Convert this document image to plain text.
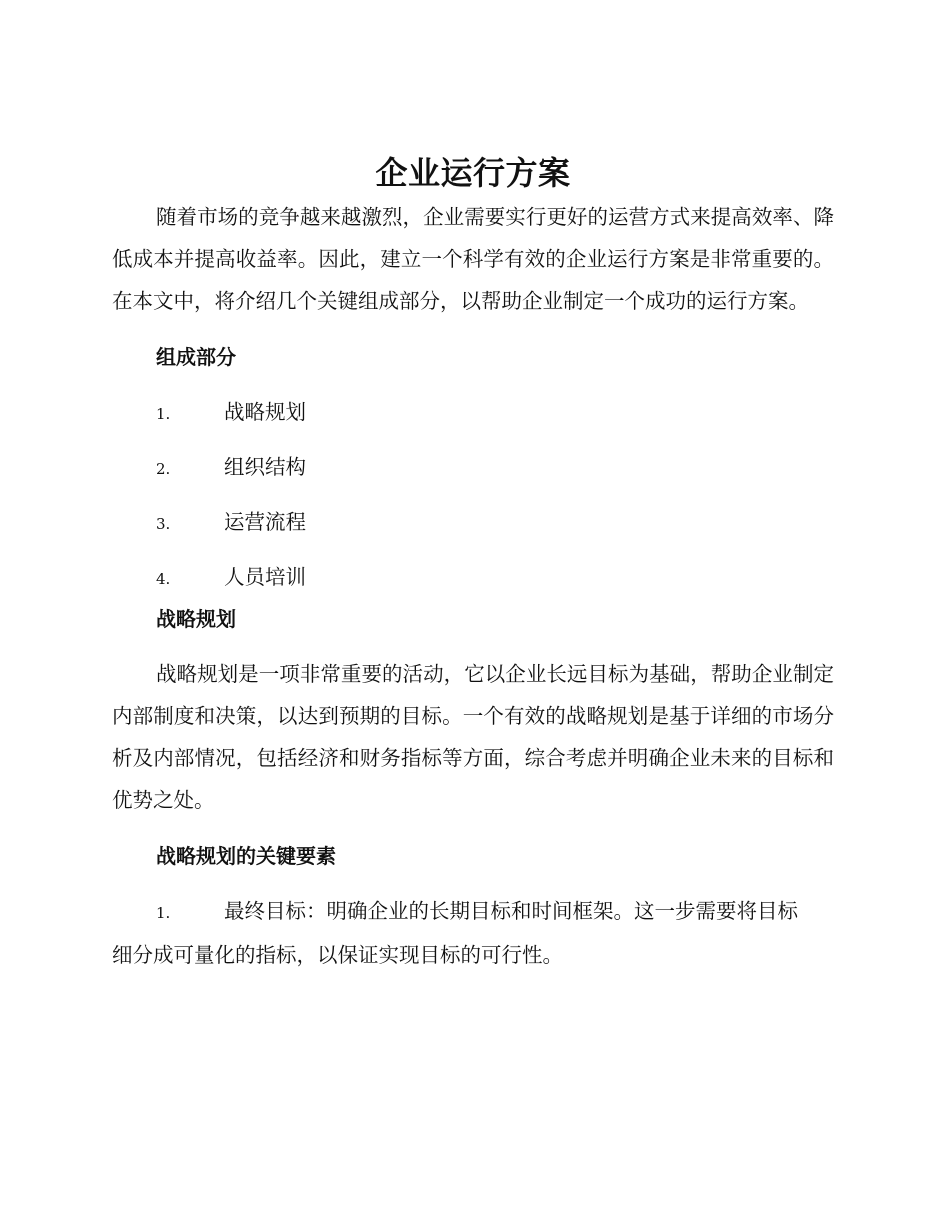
企业运行方案

随着市场的竞争越来越激烈，企业需要实行更好的运营方式来提高效率、降低成本并提高收益率。因此，建立一个科学有效的企业运行方案是非常重要的。在本文中，将介绍几个关键组成部分，以帮助企业制定一个成功的运行方案。

组成部分
1.	战略规划
2.	组织结构
3.	运营流程
4.	人员培训
战略规划

战略规划是一项非常重要的活动，它以企业长远目标为基础，帮助企业制定内部制度和决策，以达到预期的目标。一个有效的战略规划是基于详细的市场分析及内部情况，包括经济和财务指标等方面，综合考虑并明确企业未来的目标和优势之处。

战略规划的关键要素
1.	最终目标：明确企业的长期目标和时间框架。这一步需要将目标
细分成可量化的指标，以保证实现目标的可行性。
